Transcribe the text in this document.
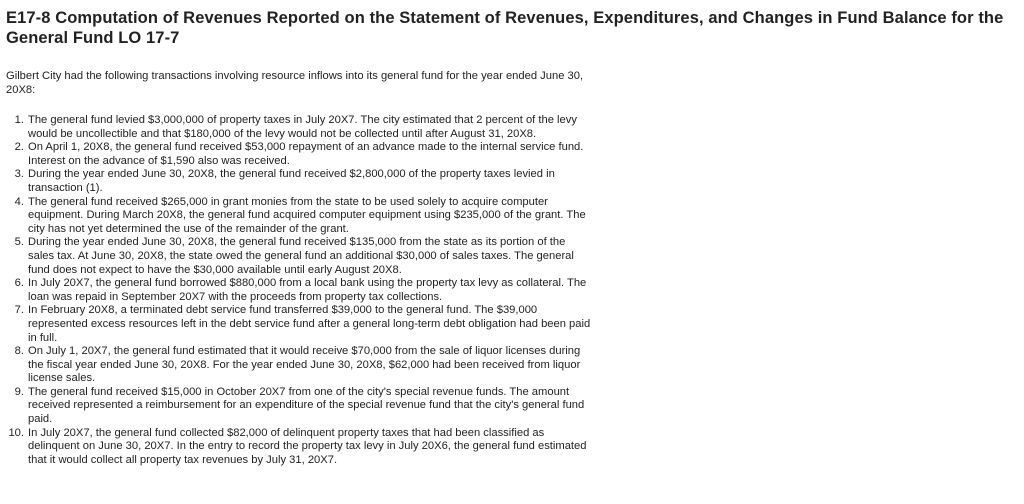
E17-8 Computation of Revenues Reported on the Statement of Revenues, Expenditures, and Changes in Fund Balance for the General Fund LO 17-7

Gilbert City had the following transactions involving resource inflows into its general fund for the year ended June 30, 20X8:

1. The general fund levied $3,000,000 of property taxes in July 20X7. The city estimated that 2 percent of the levy would be uncollectible and that $180,000 of the levy would not be collected until after August 31, 20X8.
2. On April 1, 20X8, the general fund received $53,000 repayment of an advance made to the internal service fund. Interest on the advance of $1,590 also was received.
3. During the year ended June 30, 20X8, the general fund received $2,800,000 of the property taxes levied in transaction (1).
4. The general fund received $265,000 in grant monies from the state to be used solely to acquire computer equipment. During March 20X8, the general fund acquired computer equipment using $235,000 of the grant. The city has not yet determined the use of the remainder of the grant.
5. During the year ended June 30, 20X8, the general fund received $135,000 from the state as its portion of the sales tax. At June 30, 20X8, the state owed the general fund an additional $30,000 of sales taxes. The general fund does not expect to have the $30,000 available until early August 20X8.
6. In July 20X7, the general fund borrowed $880,000 from a local bank using the property tax levy as collateral. The loan was repaid in September 20X7 with the proceeds from property tax collections.
7. In February 20X8, a terminated debt service fund transferred $39,000 to the general fund. The $39,000 represented excess resources left in the debt service fund after a general long-term debt obligation had been paid in full.
8. On July 1, 20X7, the general fund estimated that it would receive $70,000 from the sale of liquor licenses during the fiscal year ended June 30, 20X8. For the year ended June 30, 20X8, $62,000 had been received from liquor license sales.
9. The general fund received $15,000 in October 20X7 from one of the city's special revenue funds. The amount received represented a reimbursement for an expenditure of the special revenue fund that the city's general fund paid.
10. In July 20X7, the general fund collected $82,000 of delinquent property taxes that had been classified as delinquent on June 30, 20X7. In the entry to record the property tax levy in July 20X6, the general fund estimated that it would collect all property tax revenues by July 31, 20X7.
